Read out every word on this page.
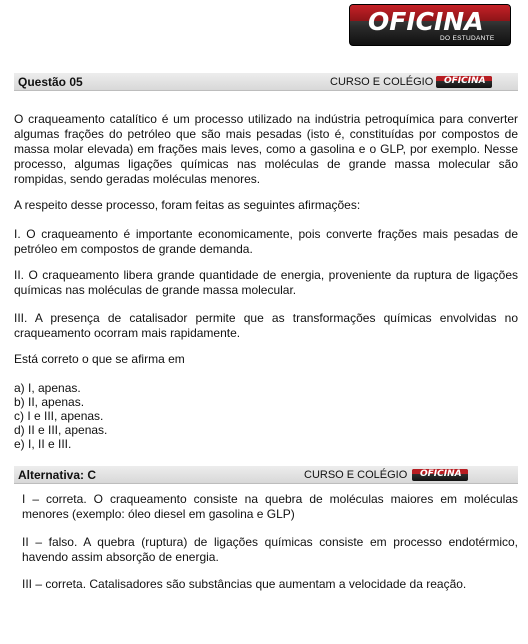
OFICINA
DO ESTUDANTE
Questão 05	CURSO E COLÉGIO OFICINA

O craqueamento catalítico é um processo utilizado na indústria petroquímica para converter algumas frações do petróleo que são mais pesadas (isto é, constituídas por compostos de massa molar elevada) em frações mais leves, como a gasolina e o GLP, por exemplo. Nesse processo, algumas ligações químicas nas moléculas de grande massa molecular são rompidas, sendo geradas moléculas menores.

A respeito desse processo, foram feitas as seguintes afirmações:

I. O craqueamento é importante economicamente, pois converte frações mais pesadas de petróleo em compostos de grande demanda.

II. O craqueamento libera grande quantidade de energia, proveniente da ruptura de ligações químicas nas moléculas de grande massa molecular.

III. A presença de catalisador permite que as transformações químicas envolvidas no craqueamento ocorram mais rapidamente.

Está correto o que se afirma em

a) I, apenas.

b) II, apenas.

c) I e III, apenas.

d) II e III, apenas.

e) I, II e III.

Alternativa: C	CURSO E COLÉGIO OFICINA

I – correta. O craqueamento consiste na quebra de moléculas maiores em moléculas menores (exemplo: óleo diesel em gasolina e GLP)

II – falso. A quebra (ruptura) de ligações químicas consiste em processo endotérmico, havendo assim absorção de energia.

III – correta. Catalisadores são substâncias que aumentam a velocidade da reação.
